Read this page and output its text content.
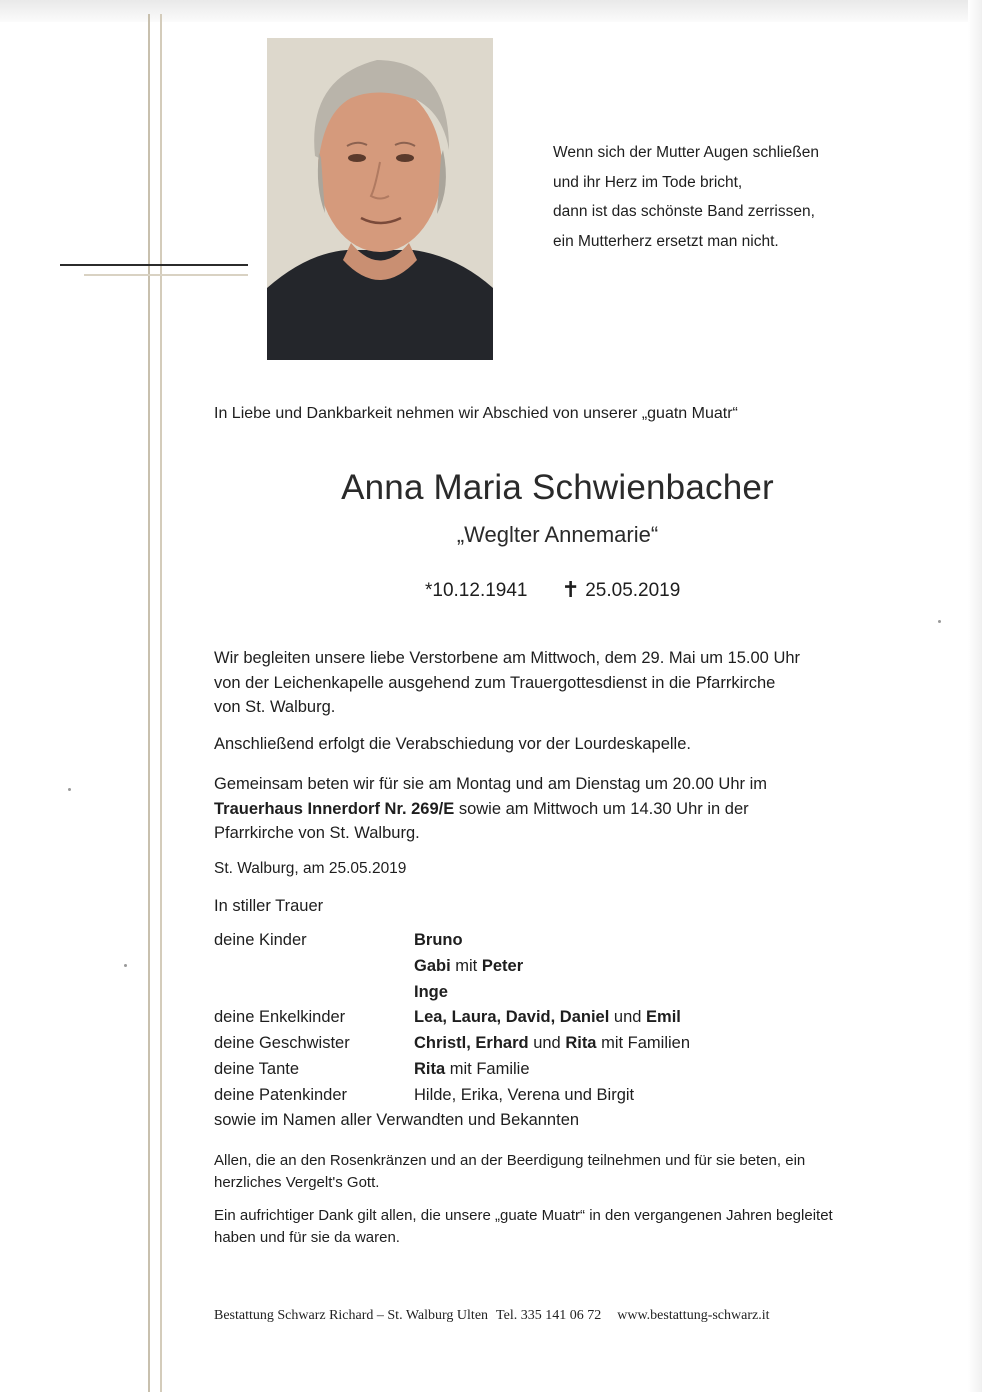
Wenn sich der Mutter Augen schließen
und ihr Herz im Tode bricht,
dann ist das schönste Band zerrissen,
ein Mutterherz ersetzt man nicht.
In Liebe und Dankbarkeit nehmen wir Abschied von unserer „guatn Muatr“
Anna Maria Schwienbacher
„Weglter Annemarie“
*10.12.1941 ✝ 25.05.2019
Wir begleiten unsere liebe Verstorbene am Mittwoch, dem 29. Mai um 15.00 Uhr
von der Leichenkapelle ausgehend zum Trauergottesdienst in die Pfarrkirche
von St. Walburg.
Anschließend erfolgt die Verabschiedung vor der Lourdeskapelle.
Gemeinsam beten wir für sie am Montag und am Dienstag um 20.00 Uhr im
Trauerhaus Innerdorf Nr. 269/E sowie am Mittwoch um 14.30 Uhr in der
Pfarrkirche von St. Walburg.
St. Walburg, am 25.05.2019
In stiller Trauer
deine Kinder	Bruno
Gabi mit Peter
Inge
deine Enkelkinder	Lea, Laura, David, Daniel und Emil
deine Geschwister	Christl, Erhard und Rita mit Familien
deine Tante	Rita mit Familie
deine Patenkinder	Hilde, Erika, Verena und Birgit
sowie im Namen aller Verwandten und Bekannten
Allen, die an den Rosenkränzen und an der Beerdigung teilnehmen und für sie beten, ein
herzliches Vergelt's Gott.
Ein aufrichtiger Dank gilt allen, die unsere „guate Muatr“ in den vergangenen Jahren begleitet
haben und für sie da waren.
Bestattung Schwarz Richard – St. Walburg Ulten Tel. 335 141 06 72 www.bestattung-schwarz.it
